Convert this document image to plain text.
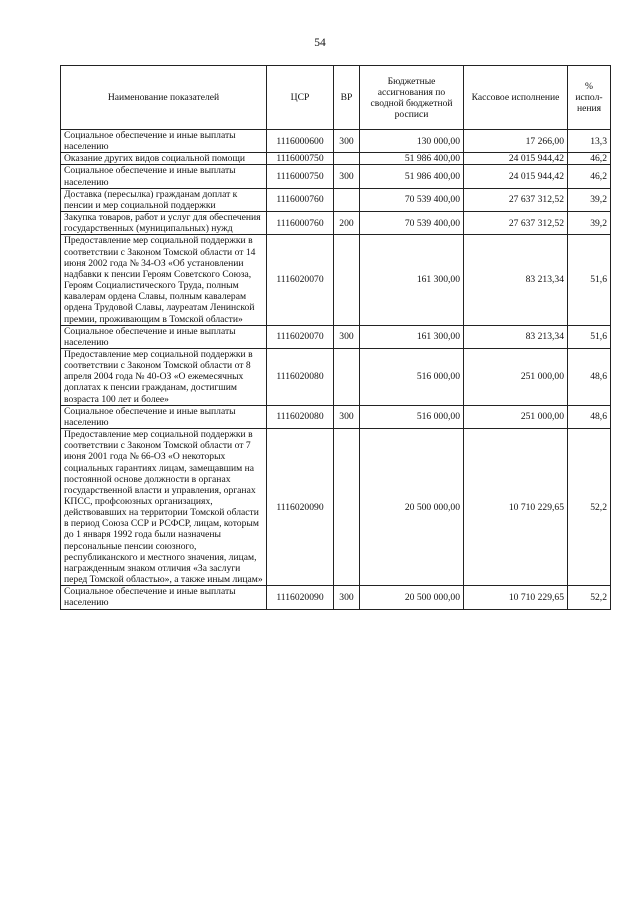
54
Наименование показателей	ЦСР	ВР	Бюджетные ассигнования по сводной бюджетной росписи	Кассовое исполнение	% испол-нения
Социальное обеспечение и иные выплаты населению	1116000600	300	130 000,00	17 266,00	13,3
Оказание других видов социальной помощи	1116000750		51 986 400,00	24 015 944,42	46,2
Социальное обеспечение и иные выплаты населению	1116000750	300	51 986 400,00	24 015 944,42	46,2
Доставка (пересылка) гражданам доплат к пенсии и мер социальной поддержки	1116000760		70 539 400,00	27 637 312,52	39,2
Закупка товаров, работ и услуг для обеспечения государственных (муниципальных) нужд	1116000760	200	70 539 400,00	27 637 312,52	39,2
Предоставление мер социальной поддержки в соответствии с Законом Томской области от 14 июня 2002 года № 34-ОЗ «Об установлении надбавки к пенсии Героям Советского Союза, Героям Социалистического Труда, полным кавалерам ордена Славы, полным кавалерам ордена Трудовой Славы, лауреатам Ленинской премии, проживающим в Томской области»	1116020070		161 300,00	83 213,34	51,6
Социальное обеспечение и иные выплаты населению	1116020070	300	161 300,00	83 213,34	51,6
Предоставление мер социальной поддержки в соответствии с Законом Томской области от 8 апреля 2004 года № 40-ОЗ «О ежемесячных доплатах к пенсии гражданам, достигшим возраста 100 лет и более»	1116020080		516 000,00	251 000,00	48,6
Социальное обеспечение и иные выплаты населению	1116020080	300	516 000,00	251 000,00	48,6
Предоставление мер социальной поддержки в соответствии с Законом Томской области от 7 июня 2001 года № 66-ОЗ «О некоторых социальных гарантиях лицам, замещавшим на постоянной основе должности в органах государственной власти и управления, органах КПСС, профсоюзных организациях, действовавших на территории Томской области в период Союза ССР и РСФСР, лицам, которым до 1 января 1992 года были назначены персональные пенсии союзного, республиканского и местного значения, лицам, награжденным знаком отличия «За заслуги перед Томской областью», а также иным лицам»	1116020090		20 500 000,00	10 710 229,65	52,2
Социальное обеспечение и иные выплаты населению	1116020090	300	20 500 000,00	10 710 229,65	52,2
